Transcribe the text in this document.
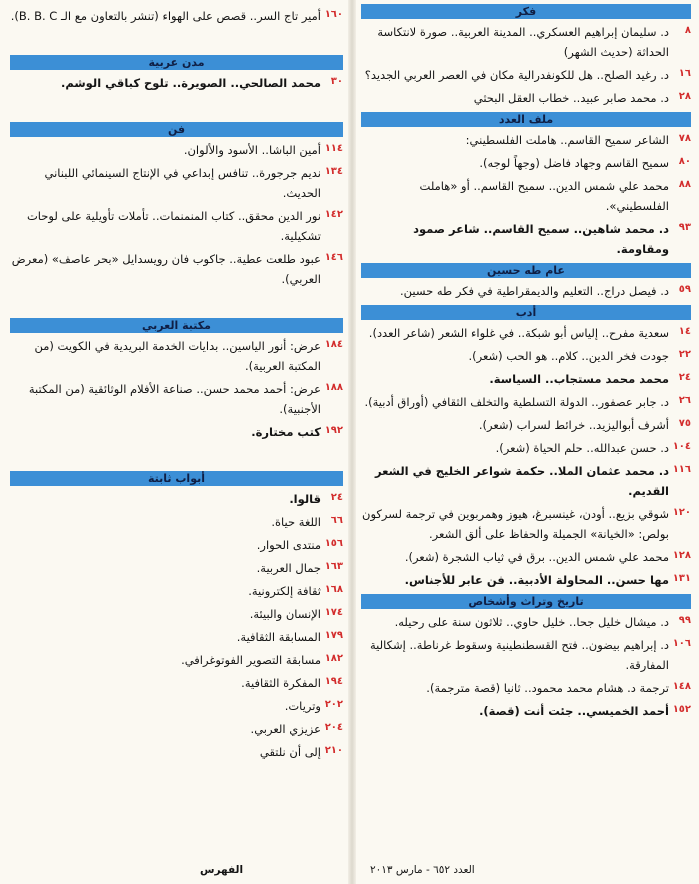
فكر
٨
د. سليمان إبراهيم العسكري.. المدينة العربية.. صورة لانتكاسة الحداثة (حديث الشهر)
١٦
د. رغيد الصلح.. هل للكونفدرالية مكان في العصر العربي الجديد؟
٢٨
د. محمد صابر عبيد.. خطاب العقل البحثي
ملف العدد
٧٨
الشاعر سميح القاسم.. هاملت الفلسطيني:
٨٠
سميح القاسم وجهاد فاضل (وجهاً لوجه).
٨٨
محمد علي شمس الدين.. سميح القاسم.. أو «هاملت الفلسطيني».
٩٣
د. محمد شاهين.. سميح القاسم.. شاعر صمود ومقاومة.
عام طه حسين
٥٩
د. فيصل دراج.. التعليم والديمقراطية في فكر طه حسين.
أدب
١٤
سعدية مفرح.. إلياس أبو شبكة.. في غلواء الشعر (شاعر العدد).
٢٢
جودت فخر الدين.. كلام.. هو الحب (شعر).
٢٤
محمد محمد مستجاب.. السياسة.
٢٦
د. جابر عصفور.. الدولة التسلطية والتخلف الثقافي (أوراق أدبية).
٧٥
أشرف أبواليزيد.. خرائط لسراب (شعر).
١٠٤
د. حسن عبدالله.. حلم الحياة (شعر).
١١٦
د. محمد عثمان الملا.. حكمة شواعر الخليج في الشعر القديم.
١٢٠
شوقي بزيع.. أودن، غينسبرغ، هيوز وهمربوين في ترجمة لسركون بولص: «الخيانة» الجميلة والحفاظ على ألق الشعر.
١٢٨
محمد علي شمس الدين.. برق في ثياب الشجرة (شعر).
١٣١
مها حسن.. المحاولة الأدبية.. فن عابر للأجناس.
تاريخ وتراث وأشخاص
٩٩
د. ميشال خليل جحا.. خليل حاوي.. ثلاثون سنة على رحيله.
١٠٦
د. إبراهيم بيضون.. فتح القسطنطينية وسقوط غرناطة.. إشكالية المفارقة.
١٤٨
ترجمة د. هشام محمد محمود.. ثانيا (قصة مترجمة).
١٥٢
أحمد الخميسي.. جئت أنت (قصة).
العدد ٦٥٢ - مارس ٢٠١٣
١٦٠
أمير تاج السر.. قصص على الهواء (تنشر بالتعاون مع الـ B. B. C).
مدن عربية
٣٠
محمد الصالحي.. الصويرة.. تلوح كباقي الوشم.
فن
١١٤
أمين الباشا.. الأسود والألوان.
١٣٤
نديم جرجورة.. تنافس إبداعي في الإنتاج السينمائي اللبناني الحديث.
١٤٢
نور الدين محقق.. كتاب المنمنمات.. تأملات تأويلية على لوحات تشكيلية.
١٤٦
عبود طلعت عطية.. جاكوب فان رويسدايل «بحر عاصف» (معرض العربي).
مكتبة العربي
١٨٤
عرض: أنور الياسين.. بدايات الخدمة البريدية في الكويت (من المكتبة العربية).
١٨٨
عرض: أحمد محمد حسن.. صناعة الأفلام الوثائقية (من المكتبة الأجنبية).
١٩٢
كتب مختارة.
أبواب ثابتة
٢٤
قالوا.
٦٦
اللغة حياة.
١٥٦
منتدى الحوار.
١٦٣
جمال العربية.
١٦٨
ثقافة إلكترونية.
١٧٤
الإنسان والبيئة.
١٧٩
المسابقة الثقافية.
١٨٢
مسابقة التصوير الفوتوغرافي.
١٩٤
المفكرة الثقافية.
٢٠٢
وتريات.
٢٠٤
عزيزي العربي.
٢١٠
إلى أن نلتقي
الفهرس
